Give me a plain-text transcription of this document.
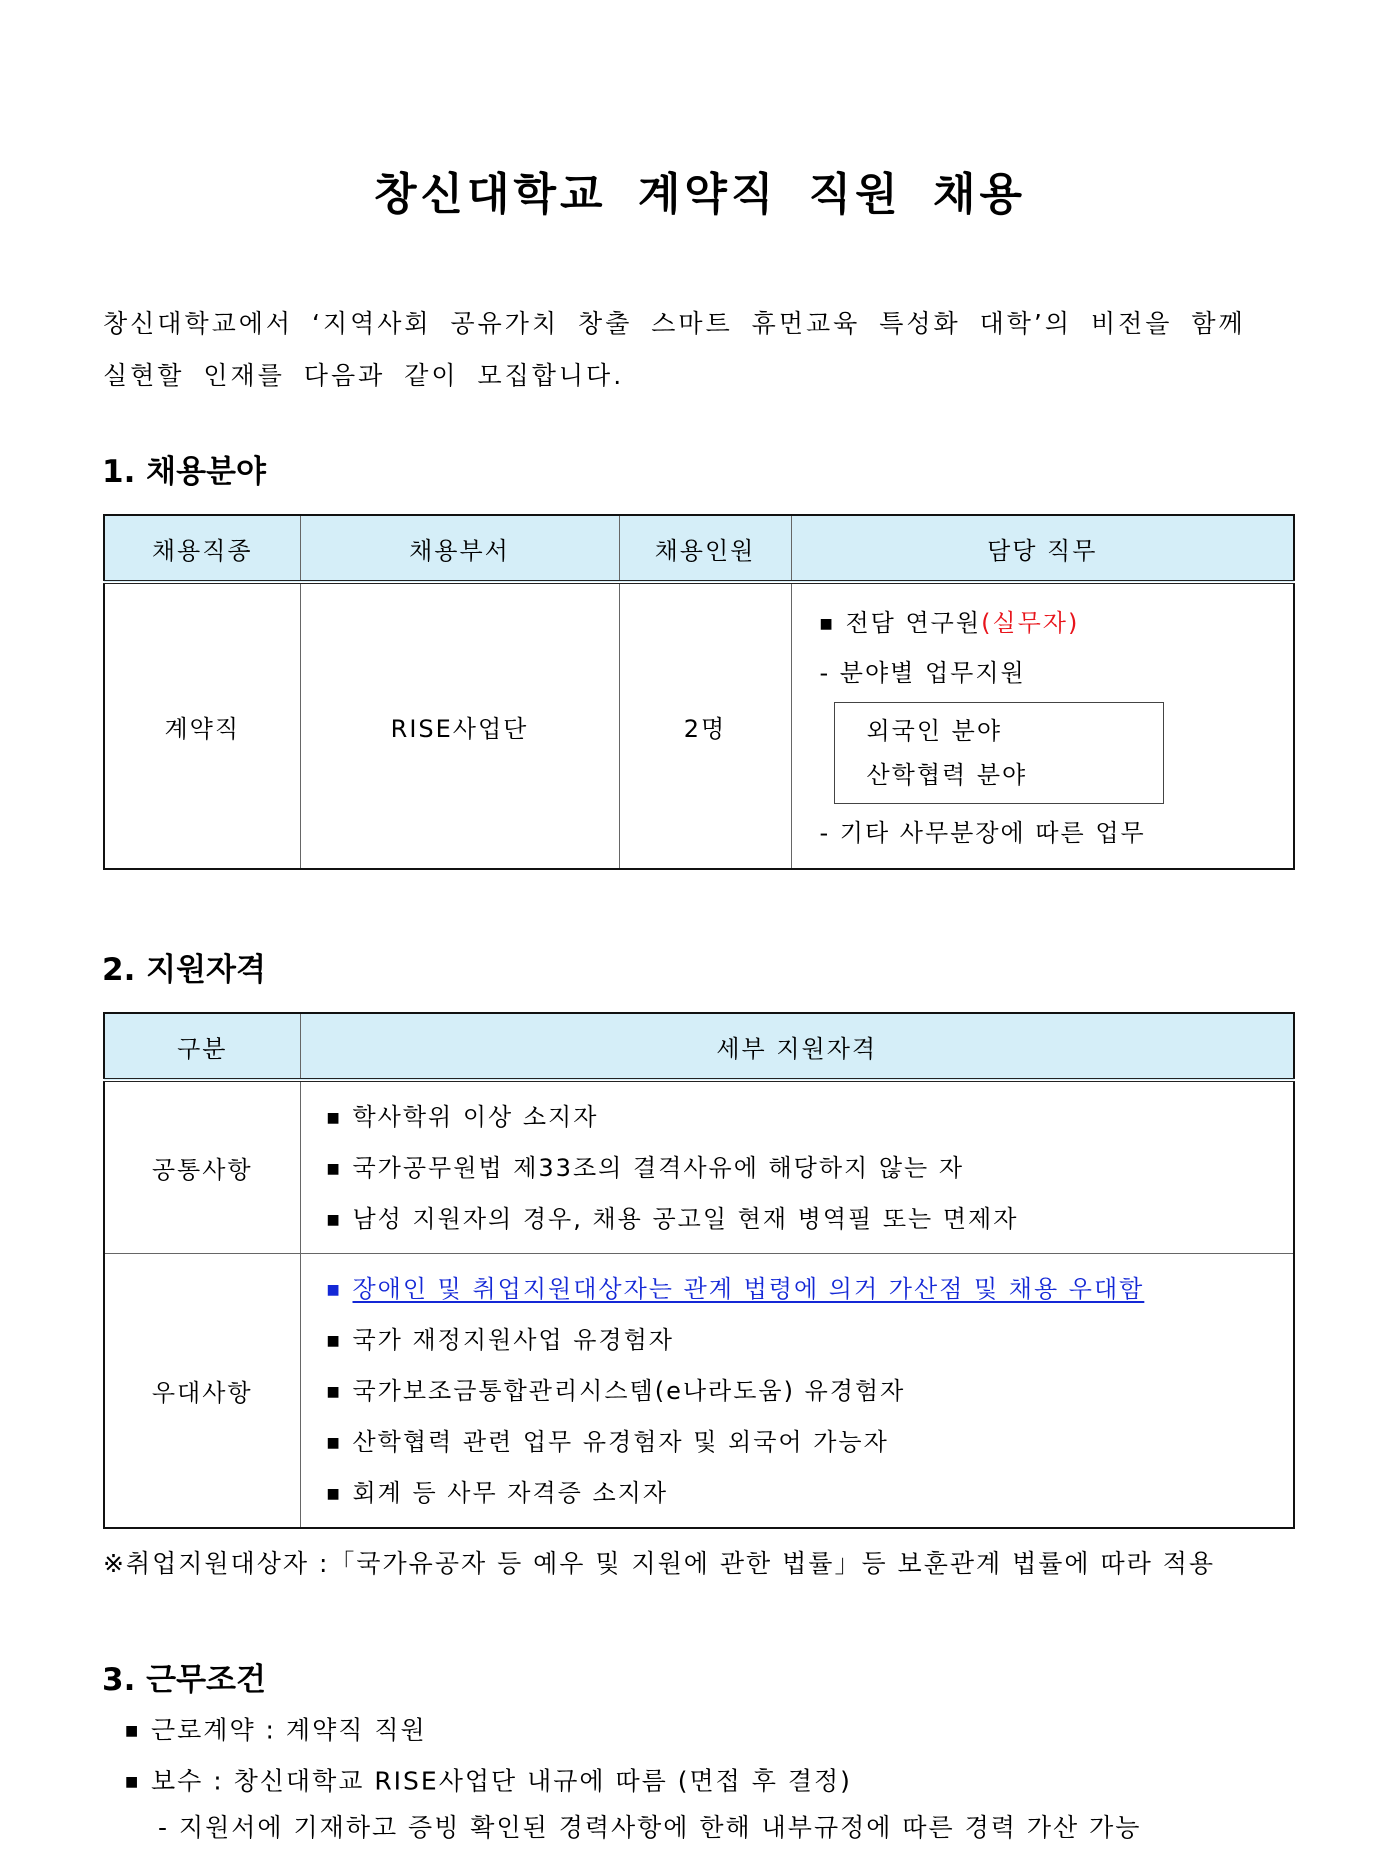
창신대학교 계약직 직원 채용

창신대학교에서 ‘지역사회 공유가치 창출 스마트 휴먼교육 특성화 대학’의 비전을 함께

실현할 인재를 다음과 같이 모집합니다.

1. 채용분야
채용직종	채용부서	채용인원	담당 직무
계약직	RISE사업단	2명	■ 전담 연구원(실무자)
- 분야별 업무지원
외국인 분야
산학협력 분야
- 기타 사무분장에 따른 업무
2. 지원자격
구분	세부 지원자격
공통사항	■ 학사학위 이상 소지자
■ 국가공무원법 제33조의 결격사유에 해당하지 않는 자
■ 남성 지원자의 경우, 채용 공고일 현재 병역필 또는 면제자

우대사항	■ 장애인 및 취업지원대상자는 관계 법령에 의거 가산점 및 채용 우대함
■ 국가 재정지원사업 유경험자
■ 국가보조금통합관리시스템(e나라도움) 유경험자
■ 산학협력 관련 업무 유경험자 및 외국어 가능자
■ 회계 등 사무 자격증 소지자
※취업지원대상자 :「국가유공자 등 예우 및 지원에 관한 법률」등 보훈관계 법률에 따라 적용
3. 근무조건
■ 근로계약 : 계약직 직원
■ 보수 : 창신대학교 RISE사업단 내규에 따름 (면접 후 결정)
- 지원서에 기재하고 증빙 확인된 경력사항에 한해 내부규정에 따른 경력 가산 가능
